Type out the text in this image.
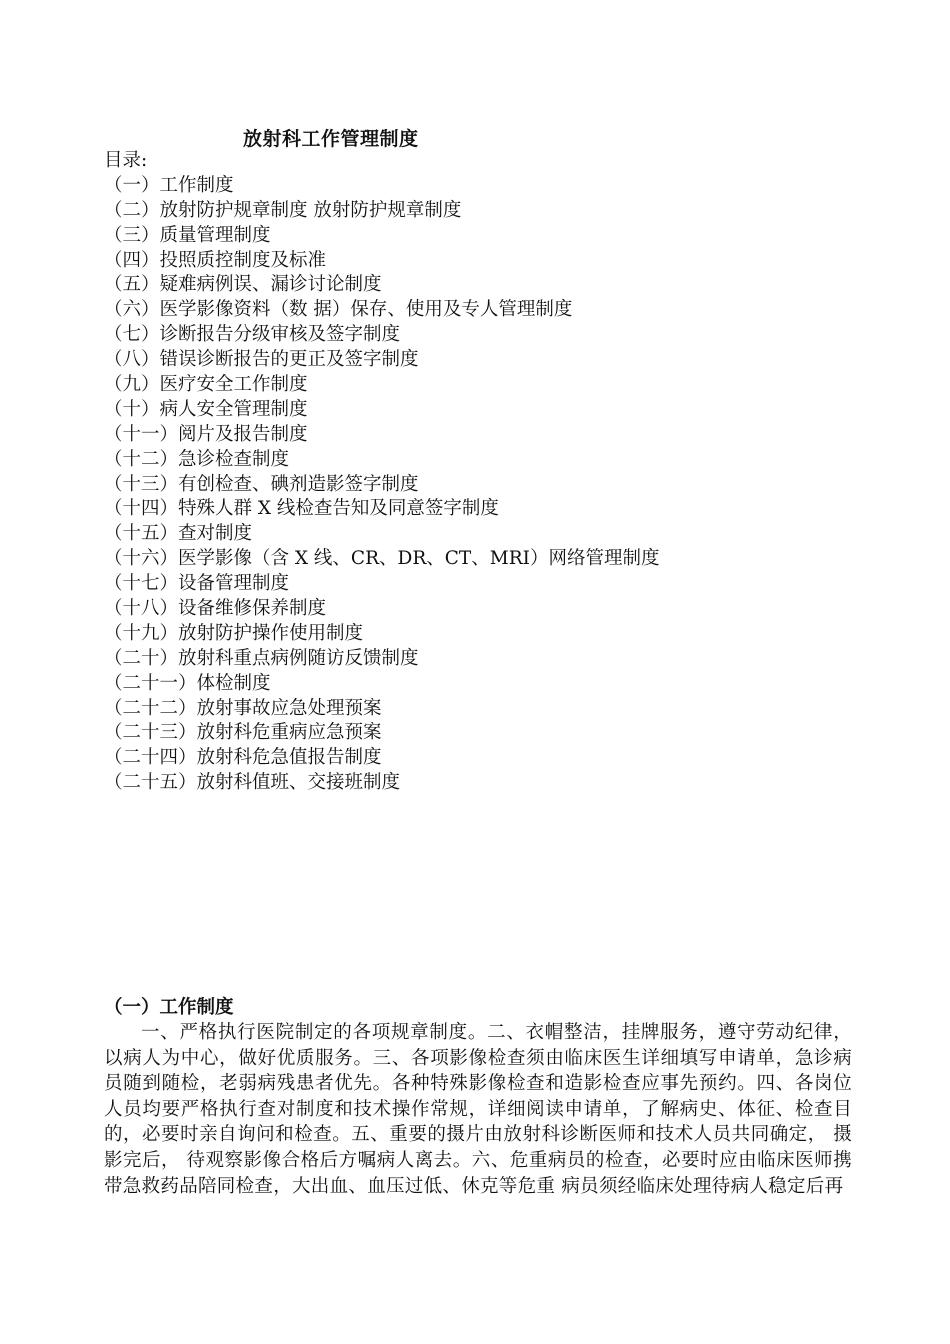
放射科工作管理制度

目录:

（一）工作制度
（二）放射防护规章制度 放射防护规章制度
（三）质量管理制度
（四）投照质控制度及标准
（五）疑难病例误、漏诊讨论制度
（六）医学影像资料（数 据）保存、使用及专人管理制度
（七）诊断报告分级审核及签字制度
（八）错误诊断报告的更正及签字制度
（九）医疗安全工作制度
（十）病人安全管理制度
（十一）阅片及报告制度
（十二）急诊检查制度
（十三）有创检查、碘剂造影签字制度
（十四）特殊人群 X 线检查告知及同意签字制度
（十五）查对制度
（十六）医学影像（含 X 线、CR、DR、CT、MRI）网络管理制度
（十七）设备管理制度
（十八）设备维修保养制度
（十九）放射防护操作使用制度
（二十）放射科重点病例随访反馈制度
（二十一）体检制度
（二十二）放射事故应急处理预案
（二十三）放射科危重病应急预案
（二十四）放射科危急值报告制度
（二十五）放射科值班、交接班制度
（一）工作制度

一、严格执行医院制定的各项规章制度。二、衣帽整洁，挂牌服务，遵守劳动纪律，以病人为中心，做好优质服务。三、各项影像检查须由临床医生详细填写申请单，急诊病员随到随检，老弱病残患者优先。各种特殊影像检查和造影检查应事先预约。四、各岗位人员均要严格执行查对制度和技术操作常规，详细阅读申请单，了解病史、体征、检查目 的，必要时亲自询问和检查。五、重要的摄片由放射科诊断医师和技术人员共同确定， 摄影完后， 待观察影像合格后方嘱病人离去。六、危重病员的检查，必要时应由临床医师携带急救药品陪同检查，大出血、血压过低、休克等危重 病员须经临床处理待病人稳定后再
